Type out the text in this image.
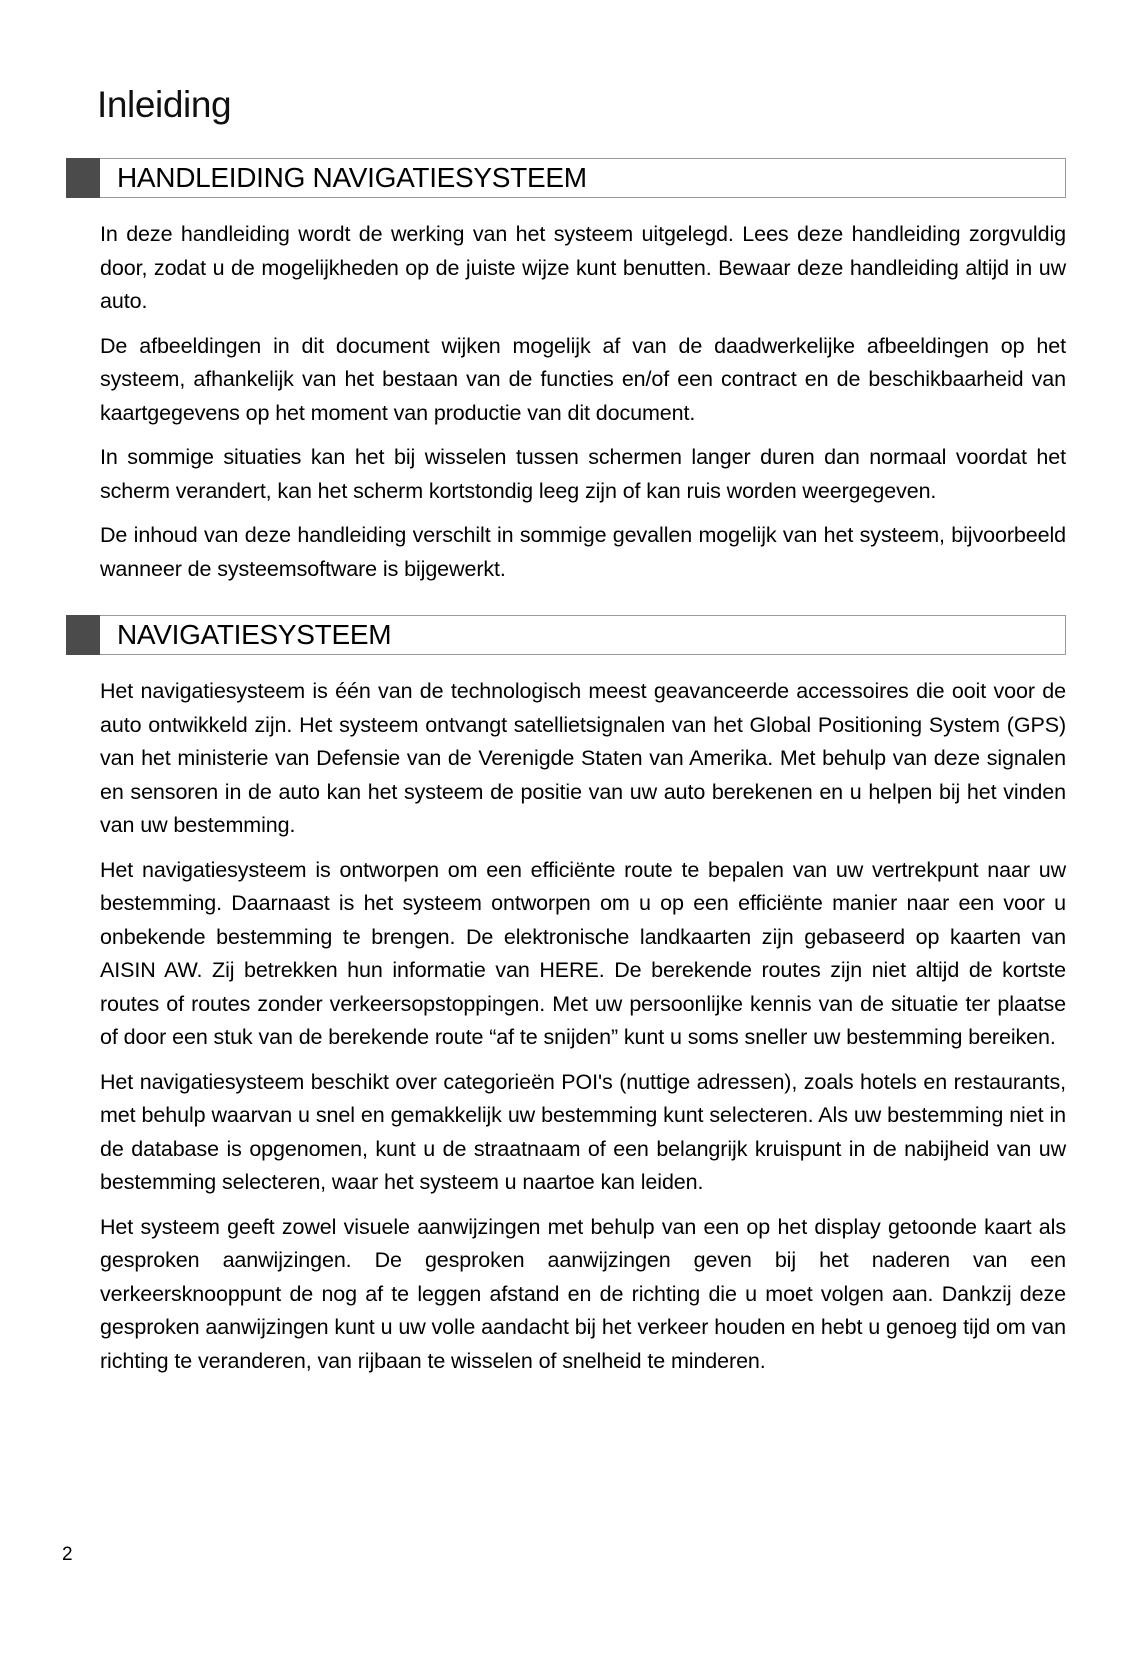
Inleiding
HANDLEIDING NAVIGATIESYSTEEM

In deze handleiding wordt de werking van het systeem uitgelegd. Lees deze handleiding zorgvuldig door, zodat u de mogelijkheden op de juiste wijze kunt benutten. Bewaar deze handleiding altijd in uw auto.

De afbeeldingen in dit document wijken mogelijk af van de daadwerkelijke afbeeldingen op het systeem, afhankelijk van het bestaan van de functies en/of een contract en de beschikbaarheid van kaartgegevens op het moment van productie van dit document.

In sommige situaties kan het bij wisselen tussen schermen langer duren dan normaal voordat het scherm verandert, kan het scherm kortstondig leeg zijn of kan ruis worden weergegeven.

De inhoud van deze handleiding verschilt in sommige gevallen mogelijk van het systeem, bijvoorbeeld wanneer de systeemsoftware is bijgewerkt.

NAVIGATIESYSTEEM

Het navigatiesysteem is één van de technologisch meest geavanceerde accessoires die ooit voor de auto ontwikkeld zijn. Het systeem ontvangt satellietsignalen van het Global Positioning System (GPS) van het ministerie van Defensie van de Verenigde Staten van Amerika. Met behulp van deze signalen en sensoren in de auto kan het systeem de positie van uw auto berekenen en u helpen bij het vinden van uw bestemming.

Het navigatiesysteem is ontworpen om een efficiënte route te bepalen van uw vertrekpunt naar uw bestemming. Daarnaast is het systeem ontworpen om u op een efficiënte manier naar een voor u onbekende bestemming te brengen. De elektronische landkaarten zijn gebaseerd op kaarten van AISIN AW. Zij betrekken hun informatie van HERE. De berekende routes zijn niet altijd de kortste routes of routes zonder verkeersopstoppingen. Met uw persoonlijke kennis van de situatie ter plaatse of door een stuk van de berekende route “af te snijden” kunt u soms sneller uw bestemming bereiken.

Het navigatiesysteem beschikt over categorieën POI's (nuttige adressen), zoals hotels en restaurants, met behulp waarvan u snel en gemakkelijk uw bestemming kunt selecteren. Als uw bestemming niet in de database is opgenomen, kunt u de straatnaam of een belangrijk kruispunt in de nabijheid van uw bestemming selecteren, waar het systeem u naartoe kan leiden.

Het systeem geeft zowel visuele aanwijzingen met behulp van een op het display getoonde kaart als gesproken aanwijzingen. De gesproken aanwijzingen geven bij het naderen van een verkeersknooppunt de nog af te leggen afstand en de richting die u moet volgen aan. Dankzij deze gesproken aanwijzingen kunt u uw volle aandacht bij het verkeer houden en hebt u genoeg tijd om van richting te veranderen, van rijbaan te wisselen of snelheid te minderen.

2
